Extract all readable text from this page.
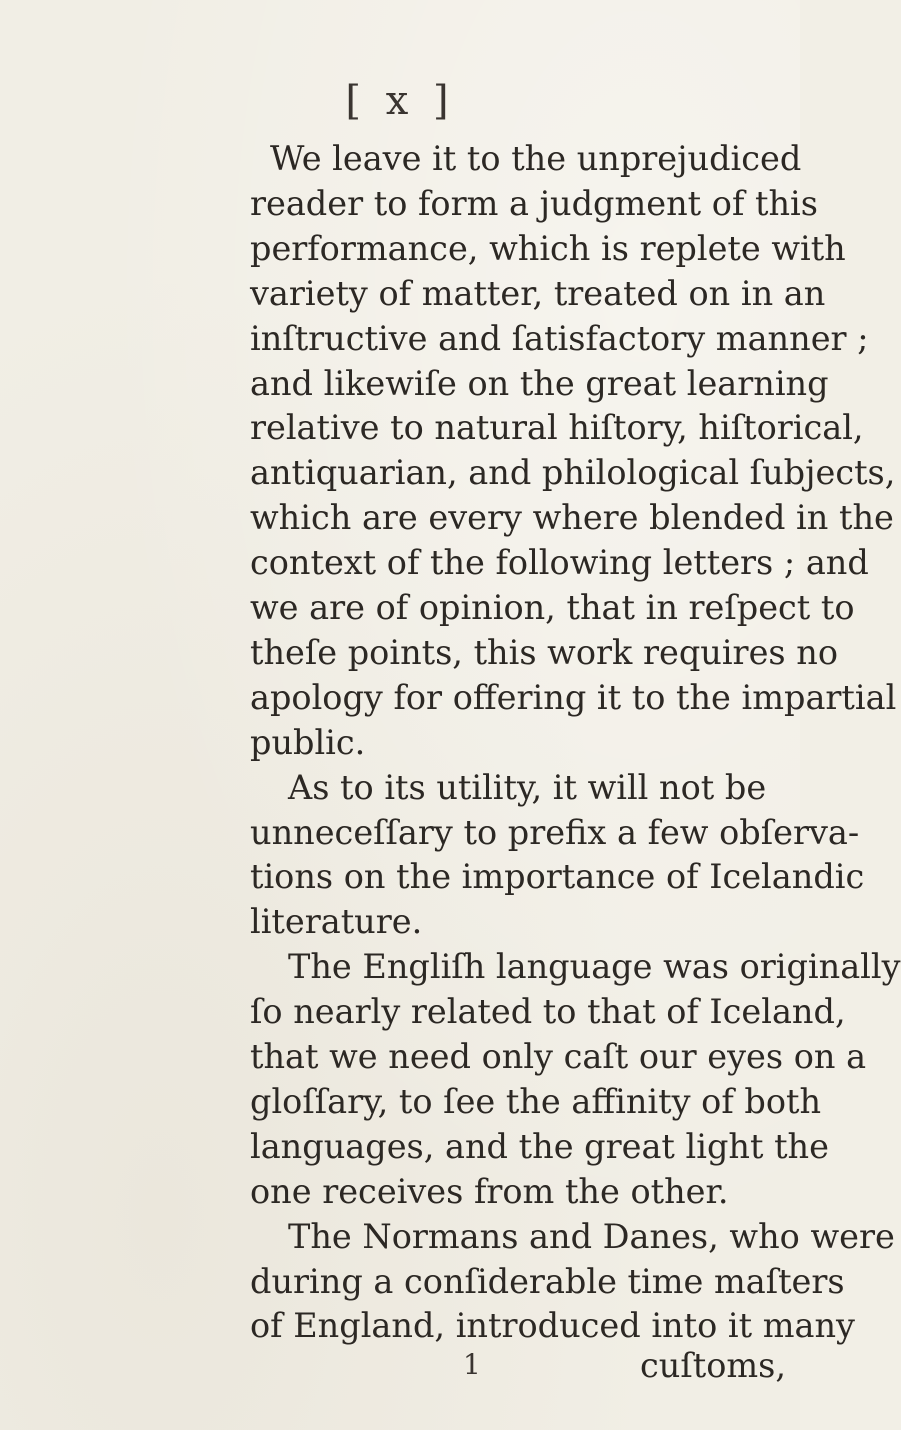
[ x ]
We leave it to the unprejudiced
reader to form a judgment of this
performance, which is replete with
variety of matter, treated on in an
inſtructive and ſatisfactory manner ;
and likewiſe on the great learning
relative to natural hiſtory, hiſtorical,
antiquarian, and philological ſubjects,
which are every where blended in the
context of the following letters ; and
we are of opinion, that in reſpect to
theſe points, this work requires no
apology for offering it to the impartial
public.
As to its utility, it will not be
unneceſſary to prefix a few obſerva-
tions on the importance of Icelandic
literature.
The Engliſh language was originally
ſo nearly related to that of Iceland,
that we need only caſt our eyes on a
gloſſary, to ſee the affinity of both
languages, and the great light the
one receives from the other.
The Normans and Danes, who were
during a conſiderable time maſters
of England, introduced into it many
1	cuſtoms,
